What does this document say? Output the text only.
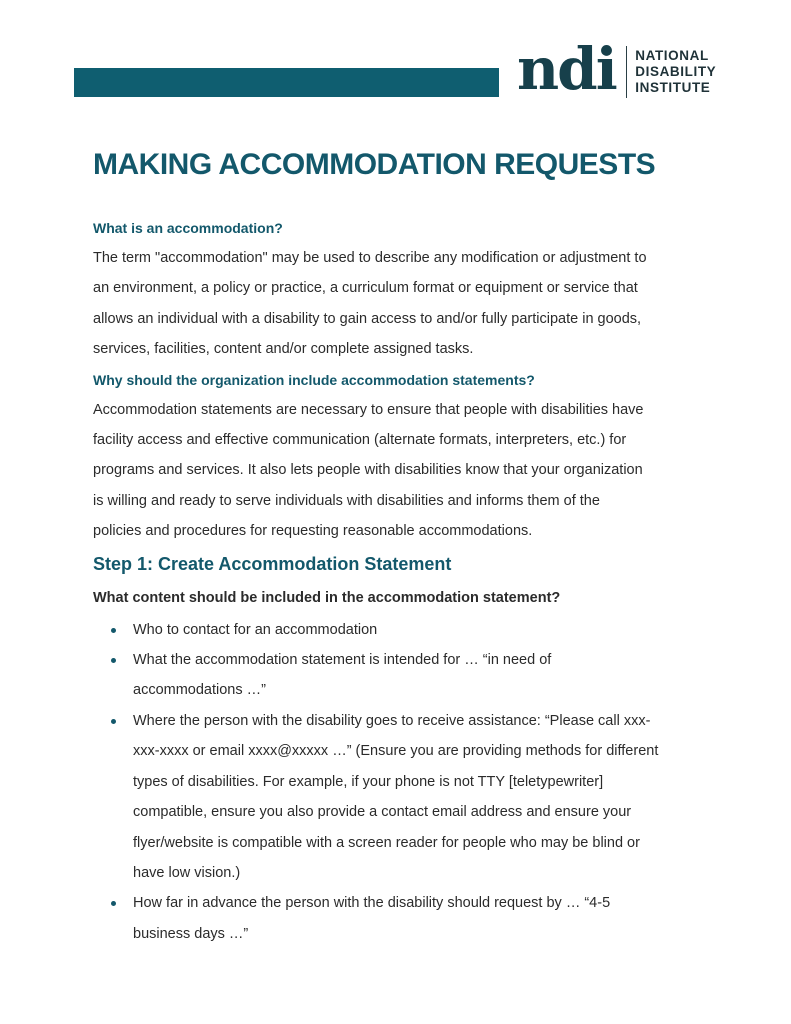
ndi NATIONAL
DISABILITY
INSTITUTE
MAKING ACCOMMODATION REQUESTS
What is an accommodation?

The term "accommodation" may be used to describe any modification or adjustment to
an environment, a policy or practice, a curriculum format or equipment or service that
allows an individual with a disability to gain access to and/or fully participate in goods,
services, facilities, content and/or complete assigned tasks.

Why should the organization include accommodation statements?

Accommodation statements are necessary to ensure that people with disabilities have
facility access and effective communication (alternate formats, interpreters, etc.) for
programs and services. It also lets people with disabilities know that your organization
is willing and ready to serve individuals with disabilities and informs them of the
policies and procedures for requesting reasonable accommodations.

Step 1: Create Accommodation Statement
What content should be included in the accommodation statement?
Who to contact for an accommodation
What the accommodation statement is intended for … “in need of
accommodations …”
Where the person with the disability goes to receive assistance: “Please call xxx-
xxx-xxxx or email xxxx@xxxxx …” (Ensure you are providing methods for different
types of disabilities. For example, if your phone is not TTY [teletypewriter]
compatible, ensure you also provide a contact email address and ensure your
flyer/website is compatible with a screen reader for people who may be blind or
have low vision.)
How far in advance the person with the disability should request by … “4-5
business days …”
